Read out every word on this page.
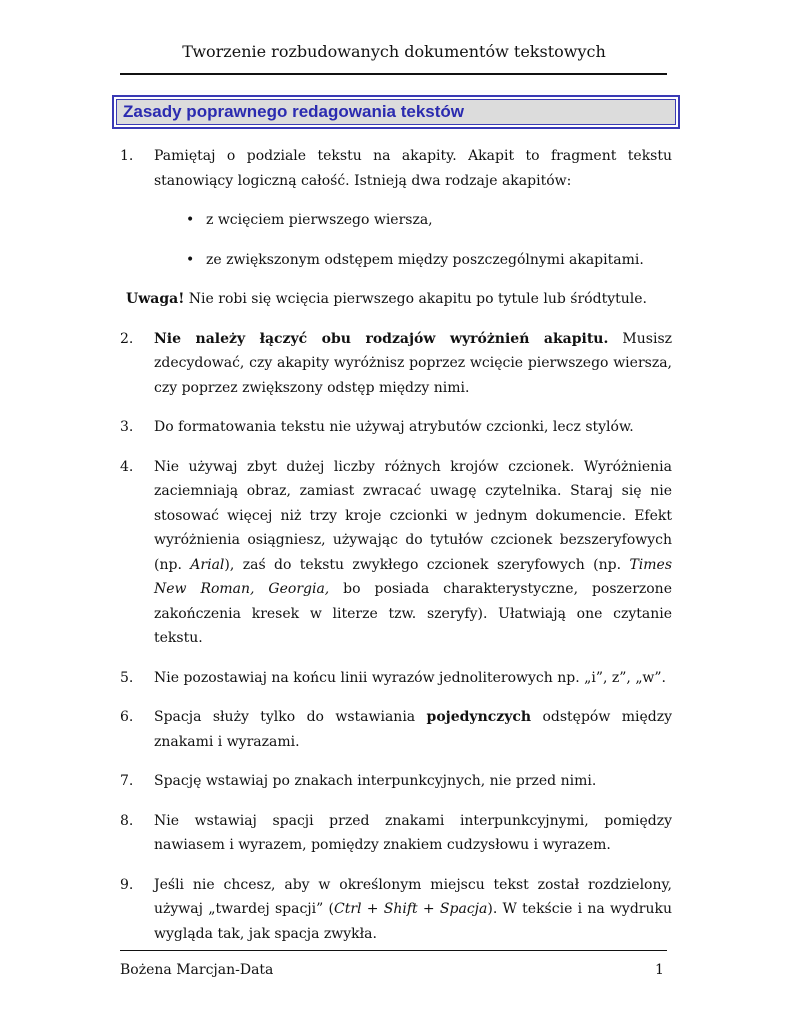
Tworzenie rozbudowanych dokumentów tekstowych
Zasady poprawnego redagowania tekstów
1.	Pamiętaj o podziale tekstu na akapity. Akapit to fragment tekstu stanowiący logiczną całość. Istnieją dwa rodzaje akapitów:
• z wcięciem pierwszego wiersza,
• ze zwiększonym odstępem między poszczególnymi akapitami.

Uwaga! Nie robi się wcięcia pierwszego akapitu po tytule lub śródtytule.

2.	Nie należy łączyć obu rodzajów wyróżnień akapitu. Musisz zdecydować, czy akapity wyróżnisz poprzez wcięcie pierwszego wiersza, czy poprzez zwiększony odstęp między nimi.
3.	Do formatowania tekstu nie używaj atrybutów czcionki, lecz stylów.
4.	Nie używaj zbyt dużej liczby różnych krojów czcionek. Wyróżnienia zaciemniają obraz, zamiast zwracać uwagę czytelnika. Staraj się nie stosować więcej niż trzy kroje czcionki w jednym dokumencie. Efekt wyróżnienia osiągniesz, używając do tytułów czcionek bezszeryfowych (np. Arial), zaś do tekstu zwykłego czcionek szeryfowych (np. Times New Roman, Georgia, bo posiada charakterystyczne, poszerzone zakończenia kresek w literze tzw. szeryfy). Ułatwiają one czytanie tekstu.
5.	Nie pozostawiaj na końcu linii wyrazów jednoliterowych np. „i”, z”, „w”.
6.	Spacja służy tylko do wstawiania pojedynczych odstępów między znakami i wyrazami.
7.	Spację wstawiaj po znakach interpunkcyjnych, nie przed nimi.
8.	Nie wstawiaj spacji przed znakami interpunkcyjnymi, pomiędzy nawiasem i wyrazem, pomiędzy znakiem cudzysłowu i wyrazem.
9.	Jeśli nie chcesz, aby w określonym miejscu tekst został rozdzielony, używaj „twardej spacji” (Ctrl + Shift + Spacja). W tekście i na wydruku wygląda tak, jak spacja zwykła.
Bożena Marcjan-Data	1
